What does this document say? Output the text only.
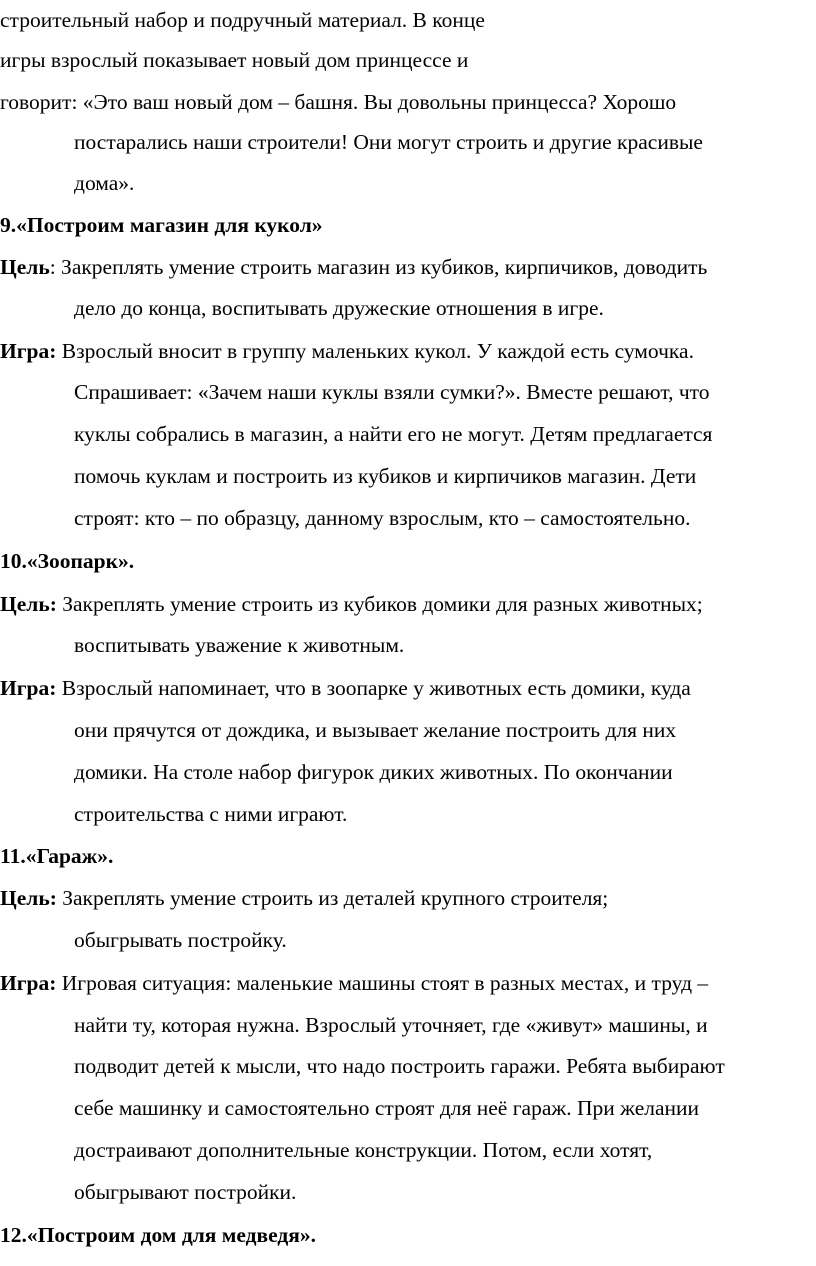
строительный набор и подручный материал. В конце
игры взрослый показывает новый дом принцессе и
говорит: «Это ваш новый дом – башня. Вы довольны принцесса? Хорошо
постарались наши строители! Они могут строить и другие красивые
дома».
9.«Построим магазин для кукол»
Цель: Закреплять умение строить магазин из кубиков, кирпичиков, доводить
дело до конца, воспитывать дружеские отношения в игре.
Игра: Взрослый вносит в группу маленьких кукол. У каждой есть сумочка.
Спрашивает: «Зачем наши куклы взяли сумки?». Вместе решают, что
куклы собрались в магазин, а найти его не могут. Детям предлагается
помочь куклам и построить из кубиков и кирпичиков магазин. Дети
строят: кто – по образцу, данному взрослым, кто – самостоятельно.
10.«Зоопарк».
Цель: Закреплять умение строить из кубиков домики для разных животных;
воспитывать уважение к животным.
Игра: Взрослый напоминает, что в зоопарке у животных есть домики, куда
они прячутся от дождика, и вызывает желание построить для них
домики. На столе набор фигурок диких животных. По окончании
строительства с ними играют.
11.«Гараж».
Цель: Закреплять умение строить из деталей крупного строителя;
обыгрывать постройку.
Игра: Игровая ситуация: маленькие машины стоят в разных местах, и труд –
найти ту, которая нужна. Взрослый уточняет, где «живут» машины, и
подводит детей к мысли, что надо построить гаражи. Ребята выбирают
себе машинку и самостоятельно строят для неё гараж. При желании
достраивают дополнительные конструкции. Потом, если хотят,
обыгрывают постройки.
12.«Построим дом для медведя».
